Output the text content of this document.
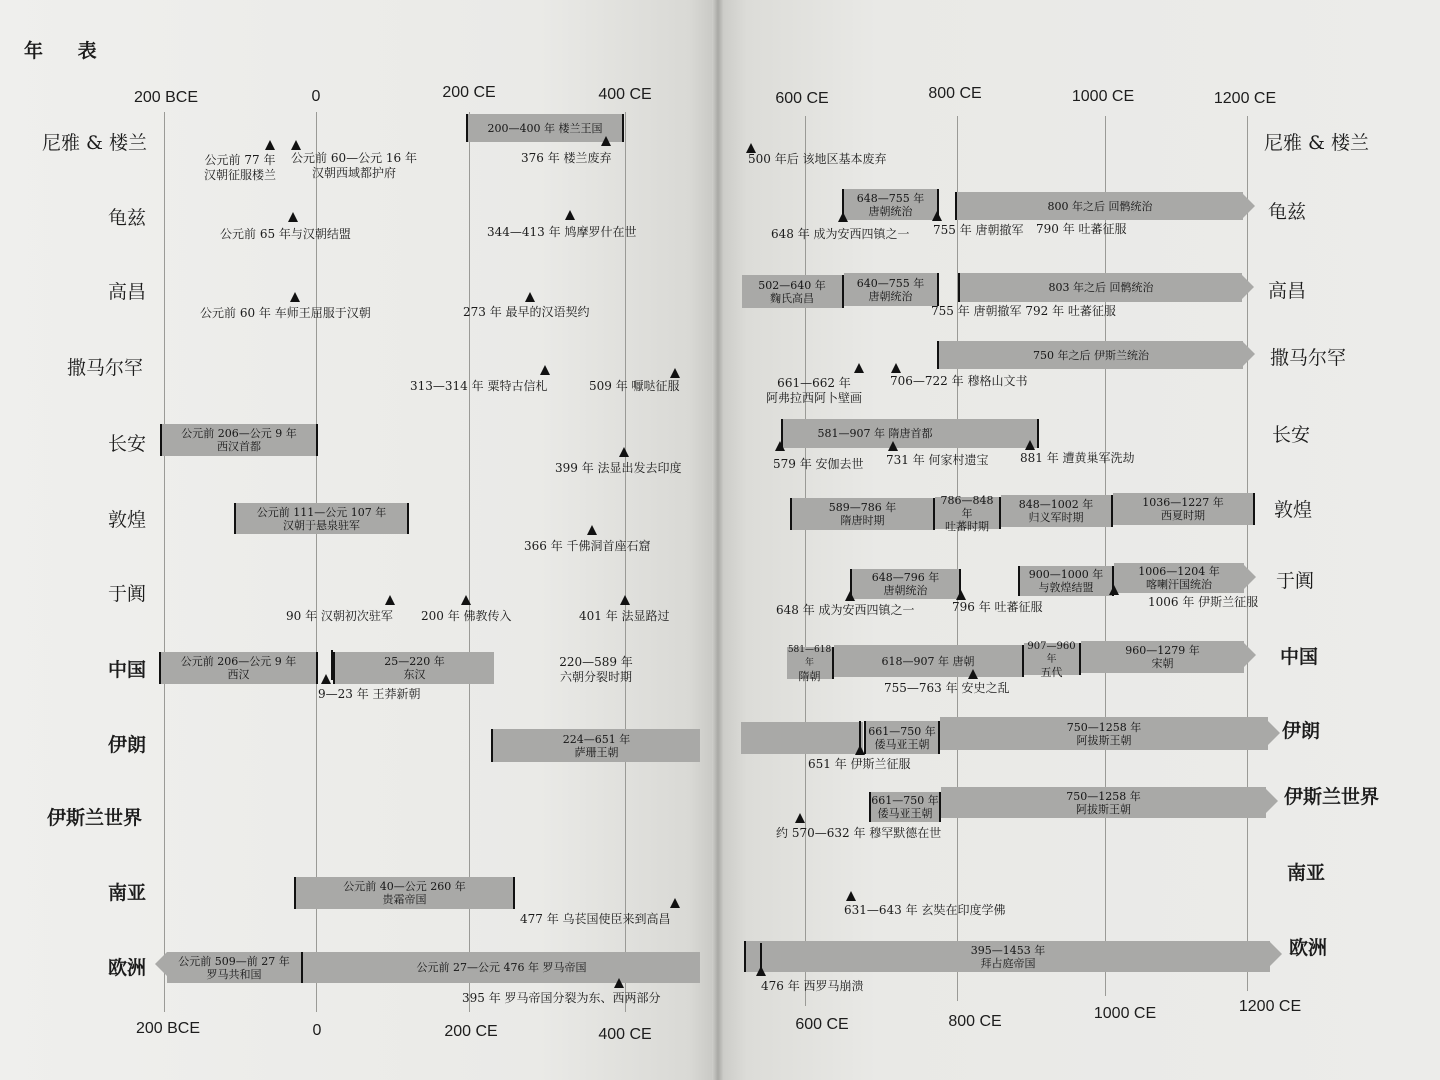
年 表
200 BCE	0	200 CE	400 CE	600 CE	800 CE	1000 CE	1200 CE
200 BCE	0	200 CE	400 CE
600 CE	800 CE	1000 CE	1200 CE
尼雅 & 楼兰
龟兹
高昌
撒马尔罕
长安
敦煌
于阗
中国
伊朗
伊斯兰世界
南亚
欧洲
尼雅 & 楼兰
龟兹
高昌
撒马尔罕
长安
敦煌
于阗
中国
伊朗
伊斯兰世界
南亚
欧洲
200—400 年 楼兰王国
公元前 77 年
汉朝征服楼兰
公元前 60—公元 16 年
汉朝西域都护府
376 年 楼兰废弃
公元前 65 年与汉朝结盟	344—413 年 鸠摩罗什在世
公元前 60 年 车师王屈服于汉朝	273 年 最早的汉语契约
313—314 年 粟特古信札	509 年 嚈哒征服
公元前 206—公元 9 年
西汉首都
399 年 法显出发去印度
公元前 111—公元 107 年
汉朝于悬泉驻军
366 年 千佛洞首座石窟
90 年 汉朝初次驻军 200 年 佛教传入	401 年 法显路过
公元前 206—公元 9 年
西汉
25—220 年
东汉
9—23 年 王莽新朝
220—589 年
六朝分裂时期
224—651 年
萨珊王朝
公元前 40—公元 260 年
贵霜帝国
477 年 乌苌国使臣来到高昌
公元前 509—前 27 年
罗马共和国	公元前 27—公元 476 年 罗马帝国
395 年 罗马帝国分裂为东、西两部分
500 年后 该地区基本废弃
648—755 年
唐朝统治	800 年之后 回鹘统治
648 年 成为安西四镇之一 755 年 唐朝撤军 790 年 吐蕃征服
502—640 年
麴氏高昌
640—755 年
唐朝统治
803 年之后 回鹘统治
755 年 唐朝撤军 792 年 吐蕃征服
750 年之后 伊斯兰统治
661—662 年
阿弗拉西阿卜壁画
706—722 年 穆格山文书
581—907 年 隋唐首都
579 年 安伽去世 731 年 何家村遗宝	881 年 遭黄巢军洗劫
589—786 年
隋唐时期
786—848 年
吐蕃时期
848—1002 年
归义军时期
1036—1227 年
西夏时期
648—796 年
唐朝统治
900—1000 年
与敦煌结盟
1006—1204 年
喀喇汗国统治
648 年 成为安西四镇之一	796 年 吐蕃征服	1006 年 伊斯兰征服
581—618 年
隋朝
618—907 年 唐朝
907—960 年
五代
960—1279 年
宋朝
755—763 年 安史之乱
661—750 年
倭马亚王朝
750—1258 年
阿拔斯王朝
651 年 伊斯兰征服
661—750 年
倭马亚王朝
750—1258 年
阿拔斯王朝
约 570—632 年 穆罕默德在世
631—643 年 玄奘在印度学佛
395—1453 年
拜占庭帝国
476 年 西罗马崩溃
